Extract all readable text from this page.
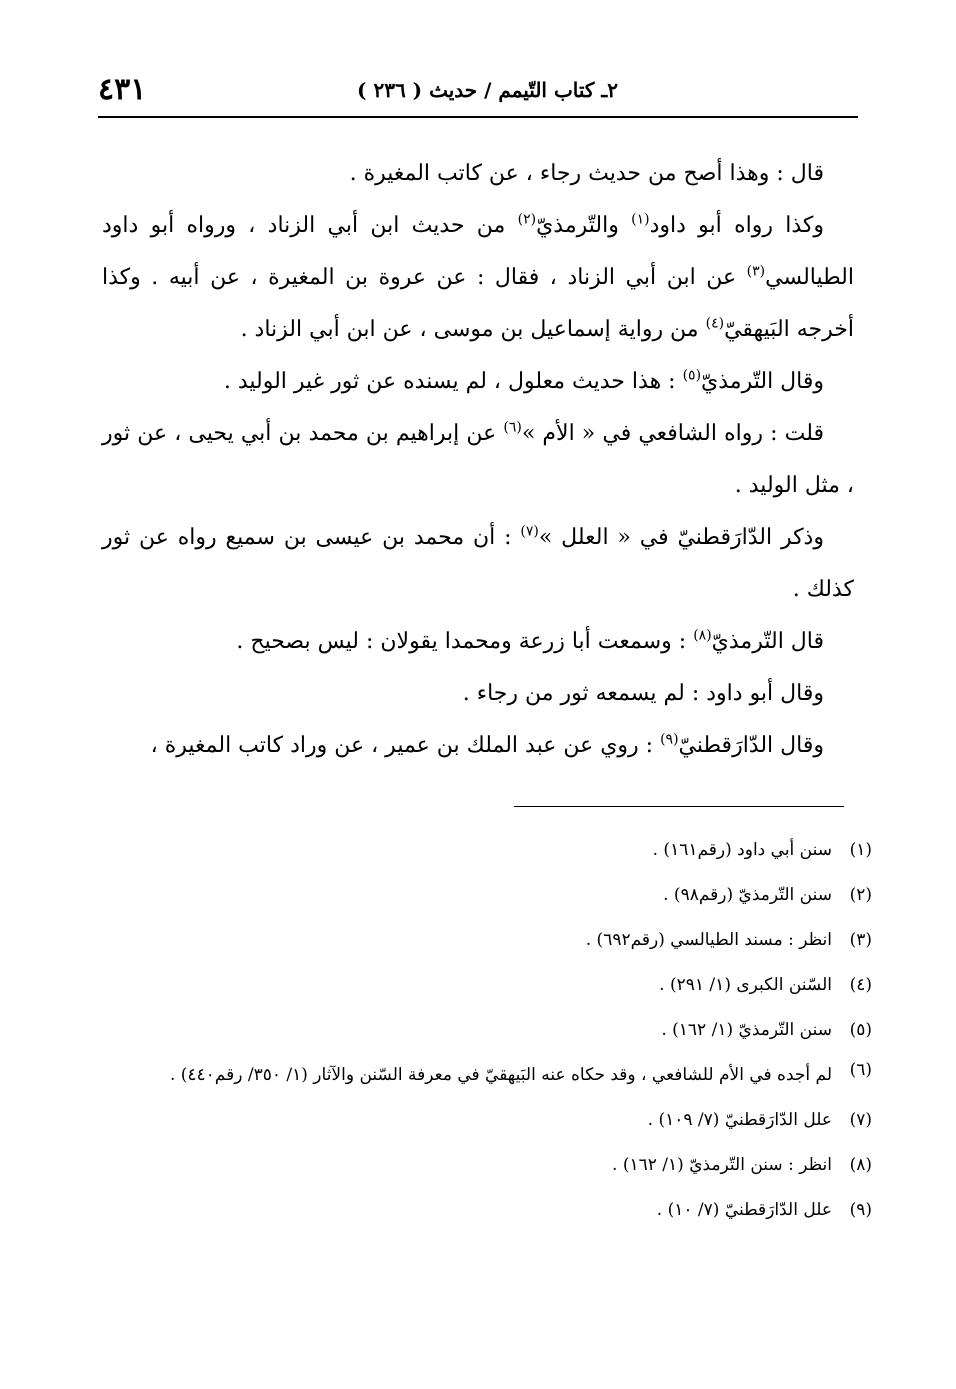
٢ـ كتاب التّيمم / حديث ( ٢٣٦ )
٤٣١

قال : وهذا أصح من حديث رجاء ، عن كاتب المغيرة .

وكذا رواه أبو داود$^{(١)}$ والتّرمذيّ$^{(٢)}$ من حديث ابن أبي الزناد ، ورواه أبو داود الطيالسي$^{(٣)}$ عن ابن أبي الزناد ، فقال : عن عروة بن المغيرة ، عن أبيه . وكذا أخرجه البَيهقيّ$^{(٤)}$ من رواية إسماعيل بن موسى ، عن ابن أبي الزناد .

وقال التّرمذيّ$^{(٥)}$ : هذا حديث معلول ، لم يسنده عن ثور غير الوليد .

قلت : رواه الشافعي في « الأم »$^{(٦)}$ عن إبراهيم بن محمد بن أبي يحيى ، عن ثور ، مثل الوليد .

وذكر الدّارَقطنيّ في « العلل »$^{(٧)}$ : أن محمد بن عيسى بن سميع رواه عن ثور كذلك .

قال التّرمذيّ$^{(٨)}$ : وسمعت أبا زرعة ومحمدا يقولان : ليس بصحيح .

وقال أبو داود : لم يسمعه ثور من رجاء .

وقال الدّارَقطنيّ$^{(٩)}$ : روي عن عبد الملك بن عمير ، عن وراد كاتب المغيرة ،

(١)
سنن أبي داود (رقم١٦١) .
(٢)
سنن التّرمذيّ (رقم٩٨) .
(٣)
انظر : مسند الطيالسي (رقم٦٩٢) .
(٤)
السّنن الكبرى (١/ ٢٩١) .
(٥)
سنن التّرمذيّ (١/ ١٦٢) .
(٦)
لم أجده في الأم للشافعي ، وقد حكاه عنه البَيهقيّ في معرفة السّنن والآثار (١/ ٣٥٠/ رقم٤٤٠) .
(٧)
علل الدّارَقطنيّ (٧/ ١٠٩) .
(٨)
انظر : سنن التّرمذيّ (١/ ١٦٢) .
(٩)
علل الدّارَقطنيّ (٧/ ١٠) .
